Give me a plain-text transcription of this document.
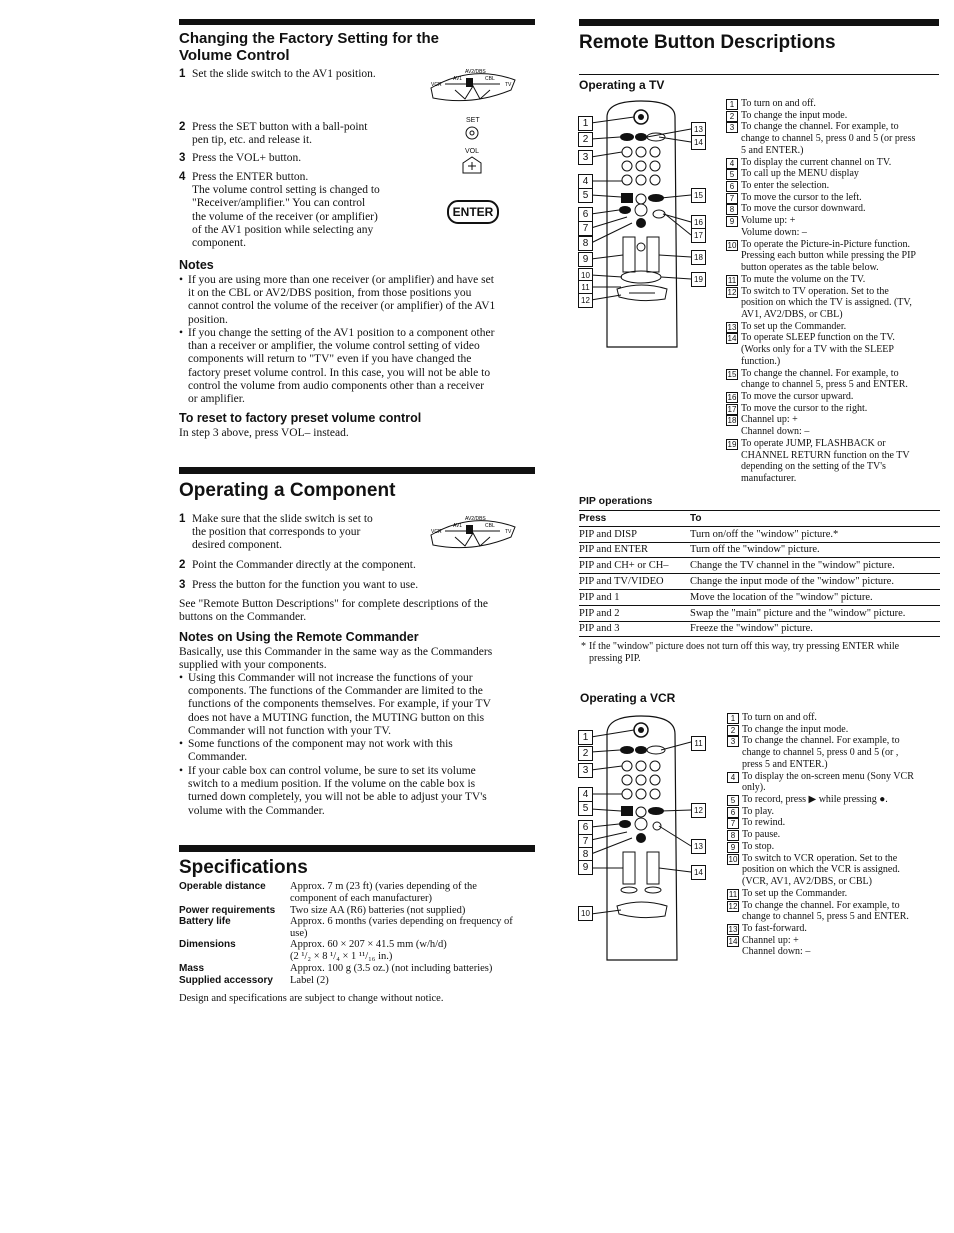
Changing the Factory Setting for the
Volume Control
1 Set the slide switch to the AV1 position.	AV2/DBS
VCR
AV1	CBL
TV
2 Press the SET button with a ball-point
pen tip, etc. and release it.
3 Press the VOL+ button.
4 Press the ENTER button.
The volume control setting is changed to
"Receiver/amplifier." You can control
the volume of the receiver (or amplifier)
of the AV1 position while selecting any
component.
SET
VOL
ENTER
Notes
• If you are using more than one receiver (or amplifier) and have set
it on the CBL or AV2/DBS position, from those positions you
cannot control the volume of the receiver (or amplifier) of the AV1
position.
• If you change the setting of the AV1 position to a component other
than a receiver or amplifier, the volume control setting of video
components will return to "TV" even if you have changed the
factory preset volume control. In this case, you will not be able to
control the volume from audio components other than a receiver
or amplifier.
To reset to factory preset volume control
In step 3 above, press VOL– instead.
Operating a Component
1 Make sure that the slide switch is set to
the position that corresponds to your
desired component.
AV2/DBS
VCR
AV1	CBL
TV
2 Point the Commander directly at the component.
3 Press the button for the function you want to use.
See "Remote Button Descriptions" for complete descriptions of the
buttons on the Commander.
Notes on Using the Remote Commander
Basically, use this Commander in the same way as the Commanders
supplied with your components.
• Using this Commander will not increase the functions of your
components. The functions of the Commander are limited to the
functions of the components themselves. For example, if your TV
does not have a MUTING function, the MUTING button on this
Commander will not function with your TV.
• Some functions of the component may not work with this
Commander.
• If your cable box can control volume, be sure to set its volume
switch to a medium position. If the volume on the cable box is
turned down completely, you will not be able to adjust your TV's
volume with the Commander.
Specifications
Operable distance Approx. 7 m (23 ft) (varies depending of the
component of each manufacturer)
Power requirements Two size AA (R6) batteries (not supplied)
Battery life	Approx. 6 months (varies depending on frequency of
use)
Dimensions	Approx. 60 × 207 × 41.5 mm (w/h/d)
(2 ¹/₂ × 8 ¹/₄ × 1 ¹¹/₁₆ in.)
Mass	Approx. 100 g (3.5 oz.) (not including batteries)
Supplied accessory Label (2)
Design and specifications are subject to change without notice.
Remote Button Descriptions
Operating a TV
1
2
3
4
5
6
7
8
9
10
11
12
13
14
15
16
17
18
19
1 To turn on and off.
2 To change the input mode.
3 To change the channel. For example, to
change to channel 5, press 0 and 5 (or press
5 and ENTER.)
4 To display the current channel on TV.
5 To call up the MENU display
6 To enter the selection.
7 To move the cursor to the left.
8 To move the cursor downward.
9 Volume up: +
Volume down: –
10 To operate the Picture-in-Picture function.
Pressing each button while pressing the PIP
button operates as the table below.
11 To mute the volume on the TV.
12 To switch to TV operation. Set to the
position on which the TV is assigned. (TV,
AV1, AV2/DBS, or CBL)
13 To set up the Commander.
14 To operate SLEEP function on the TV.
(Works only for a TV with the SLEEP
function.)
15 To change the channel. For example, to
change to channel 5, press 5 and ENTER.
16 To move the cursor upward.
17 To move the cursor to the right.
18 Channel up: +
Channel down: –
19 To operate JUMP, FLASHBACK or
CHANNEL RETURN function on the TV
depending on the setting of the TV's
manufacturer.
PIP operations
Press	To
PIP and DISP	Turn on/off the "window" picture.*
PIP and ENTER	Turn off the "window" picture.
PIP and CH+ or CH–	Change the TV channel in the "window" picture.
PIP and TV/VIDEO	Change the input mode of the "window" picture.
PIP and 1	Move the location of the "window" picture.
PIP and 2	Swap the "main" picture and the "window" picture.
PIP and 3	Freeze the "window" picture.
* If the "window" picture does not turn off this way, try pressing ENTER while
pressing PIP.
Operating a VCR
1
2
3
4
5
6
7
8
9
10
11
12
13
14
1 To turn on and off.
2 To change the input mode.
3 To change the channel. For example, to
change to channel 5, press 0 and 5 (or ,
press 5 and ENTER.)
4 To display the on-screen menu (Sony VCR
only).
5 To record, press ▶ while pressing ●.
6 To play.
7 To rewind.
8 To pause.
9 To stop.
10 To switch to VCR operation. Set to the
position on which the VCR is assigned.
(VCR, AV1, AV2/DBS, or CBL)
11 To set up the Commander.
12 To change the channel. For example, to
change to channel 5, press 5 and ENTER.
13 To fast-forward.
14 Channel up: +
Channel down: –
